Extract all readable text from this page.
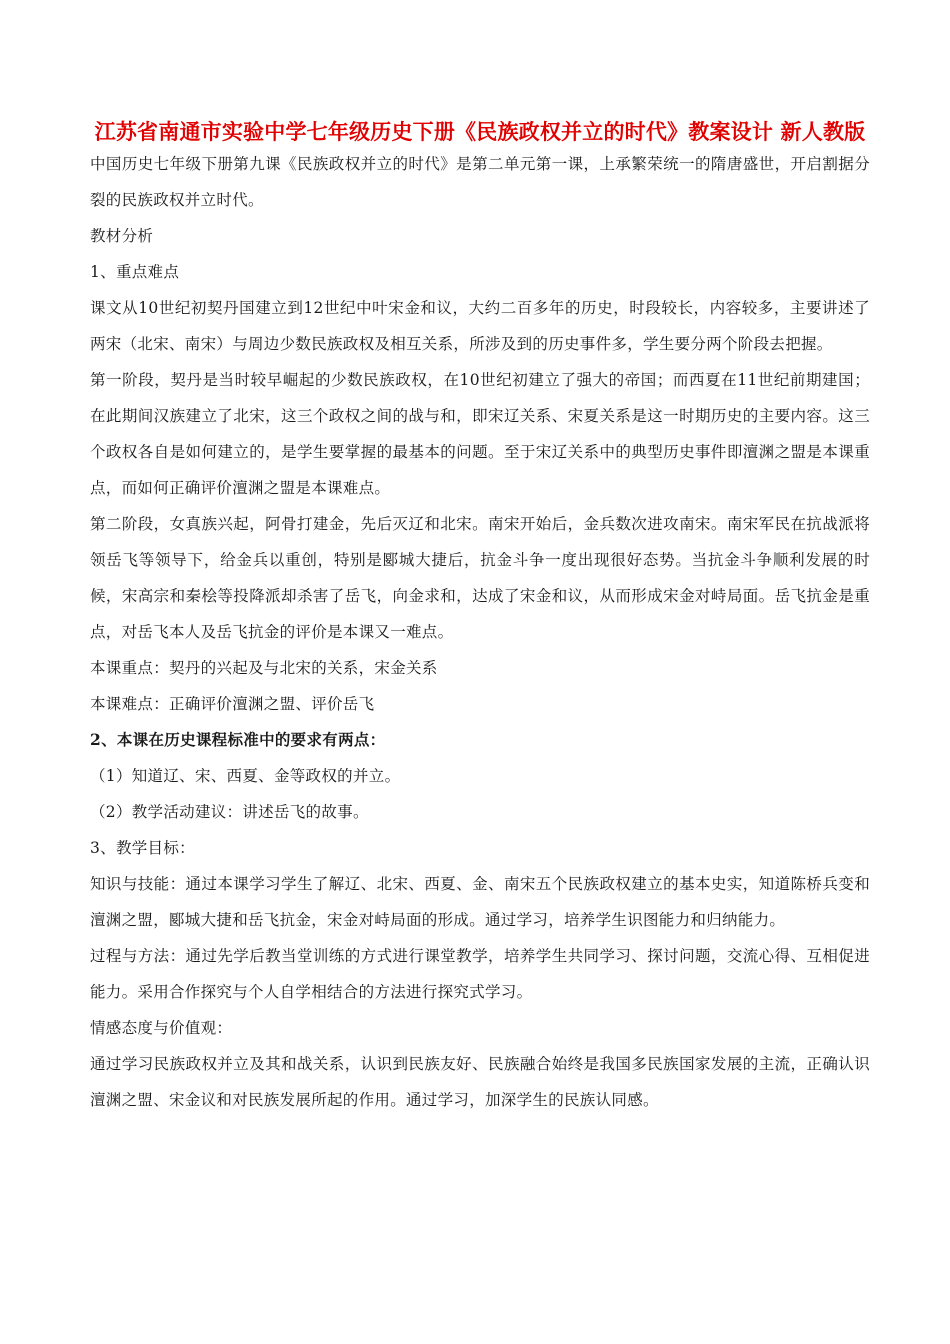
江苏省南通市实验中学七年级历史下册《民族政权并立的时代》教案设计 新人教版

中国历史七年级下册第九课《民族政权并立的时代》是第二单元第一课，上承繁荣统一的隋唐盛世，开启割据分裂的民族政权并立时代。

教材分析

1、重点难点

课文从10世纪初契丹国建立到12世纪中叶宋金和议，大约二百多年的历史，时段较长，内容较多，主要讲述了两宋（北宋、南宋）与周边少数民族政权及相互关系，所涉及到的历史事件多，学生要分两个阶段去把握。

第一阶段，契丹是当时较早崛起的少数民族政权，在10世纪初建立了强大的帝国；而西夏在11世纪前期建国；在此期间汉族建立了北宋，这三个政权之间的战与和，即宋辽关系、宋夏关系是这一时期历史的主要内容。这三个政权各自是如何建立的，是学生要掌握的最基本的问题。至于宋辽关系中的典型历史事件即澶渊之盟是本课重点，而如何正确评价澶渊之盟是本课难点。

第二阶段，女真族兴起，阿骨打建金，先后灭辽和北宋。南宋开始后，金兵数次进攻南宋。南宋军民在抗战派将领岳飞等领导下，给金兵以重创，特别是郾城大捷后，抗金斗争一度出现很好态势。当抗金斗争顺利发展的时候，宋高宗和秦桧等投降派却杀害了岳飞，向金求和，达成了宋金和议，从而形成宋金对峙局面。岳飞抗金是重点，对岳飞本人及岳飞抗金的评价是本课又一难点。

本课重点：契丹的兴起及与北宋的关系，宋金关系

本课难点：正确评价澶渊之盟、评价岳飞

2、本课在历史课程标准中的要求有两点：

（1）知道辽、宋、西夏、金等政权的并立。

（2）教学活动建议：讲述岳飞的故事。

3、教学目标：

知识与技能：通过本课学习学生了解辽、北宋、西夏、金、南宋五个民族政权建立的基本史实，知道陈桥兵变和澶渊之盟，郾城大捷和岳飞抗金，宋金对峙局面的形成。通过学习，培养学生识图能力和归纳能力。

过程与方法：通过先学后教当堂训练的方式进行课堂教学，培养学生共同学习、探讨问题，交流心得、互相促进能力。采用合作探究与个人自学相结合的方法进行探究式学习。

情感态度与价值观：

通过学习民族政权并立及其和战关系，认识到民族友好、民族融合始终是我国多民族国家发展的主流，正确认识澶渊之盟、宋金议和对民族发展所起的作用。通过学习，加深学生的民族认同感。
